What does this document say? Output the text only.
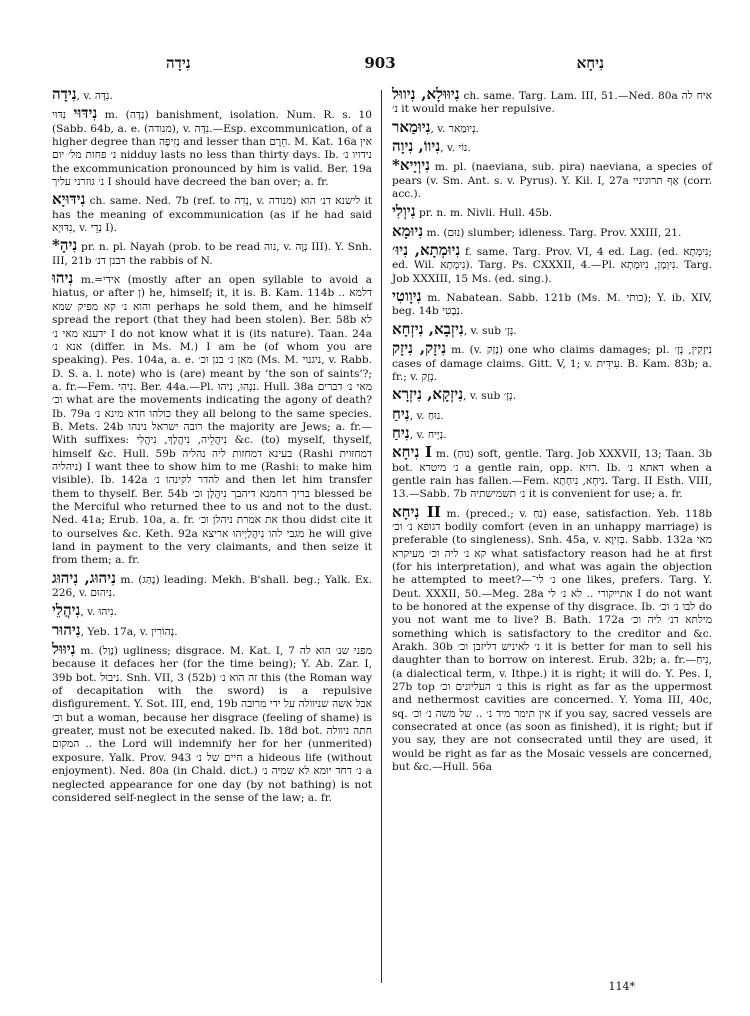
נִידָה	903	נִיחָא

נִידָה, v. נִדָּה.

נִידּוּי נִדּוּי m. (נָדָה) banishment, isolation. Num. R. s. 10 (Sabb. 64b, a. e. (מנודה), v. נִדָּה.—Esp. excommunication, of a higher degree than נְזִיפָה and lesser than חֵרֶם. M. Kat. 16a אין נ׳ פחות מל׳ יום nidduy lasts no less than thirty days. Ib. נידויו נ׳ the excommunication pronounced by him is valid. Ber. 19a נ׳ גוזרני עליך I should have decreed the ban over; a. fr.

נִידּוּיָא ch. same. Ned. 7b (ref. to נְדִה, v. מנודה) לישנא דנ׳ הוא it has the meaning of excommunication (as if he had said נִדּוּיָא, v. נְדֵי I).

*נִיהָ pr. n. pl. Nayah (prob. to be read נוה, v. נְוֶה III). Y. Snh. III, 21b רבנן דנ׳ the rabbis of N.

נִיהוּ m.=אידי (mostly after an open syllable to avoid a hiatus, or after ן) he, himself; it, it is. B. Kam. 114b דלמא .. והוא נ׳ קא מפיק שמא perhaps he sold them, and he himself spread the report (that they had been stolen). Ber. 58b לא ידענא מאי נ׳ I do not know what it is (its nature). Taan. 24a אנא נ׳ (differ. in Ms. M.) I am he (of whom you are speaking). Pes. 104a, a. e. מאן נ׳ בנן וכ׳ (Ms. M. ניגנוי, v. Rabb. D. S. a. l. note) who is (are) meant by ‘the son of saints’?; a. fr.—Fem. נִיהִי. Ber. 44a.—Pl. נִנְהוּ, נִיהוּ. Hull. 38a מאי נ׳ דברים וכ׳ what are the movements indicating the agony of death? Ib. 79a כולהו חדא מינא נ׳ they all belong to the same species. B. Mets. 24b רובה ישראל נינהו the majority are Jews; a. fr.—With suffixes: נִיהֲלֵיה, נִיהֲלָךְ, נִיהֲלִי &c. (to) myself, thyself, himself &c. Hull. 59b בעינא דמחזות ליה נהליה (Rashi דמחזוית ניהליה) I want thee to show him to me (Rashi: to make him visible). Ib. 142a להדר לקינהו נ׳ and then let him transfer them to thyself. Ber. 54b בריך רחמנא דיהבך נִיהֲלָן וכ׳ blessed be the Merciful who returned thee to us and not to the dust. Ned. 41a; Erub. 10a, a. fr. את אמרת ניהלן וכ׳ thou didst cite it to ourselves &c. Keth. 92a מגבי להו נִיהֲלַיְיהוּ אריצא he will give land in payment to the very claimants, and then seize it from them; a. fr.

נִיהוּג, נִיהוּג m. (נָהַג) leading. Mekh. B'shall. beg.; Yalk. Ex. 226, v. נִיהוּם.

נִיהֲלֵי, v. נִיהוּ.

נִיהוּר, Yeb. 17a, v. נְהוֹרִין.

נִיוּוּל m. (נְוַל) ugliness; disgrace. M. Kat. I, 7 מפני שנ׳ הוא לה because it defaces her (for the time being); Y. Ab. Zar. I, 39b bot. ניבוּל. Snh. VII, 3 (52b) זה הוא נ׳ this (the Roman way of decapitation with the sword) is a repulsive disfigurement. Y. Sot. III, end, 19b אבל אשה שניוולה על ידי מרובה וכ׳ but a woman, because her disgrace (feeling of shame) is greater, must not be executed naked. Ib. 18d bot. חתה ניוולה .. המקום the Lord will indemnify her for her (unmerited) exposure. Yalk. Prov. 943 חיים של נ׳ a hideous life (without enjoyment). Ned. 80a (in Chald. dict.) נ׳ דחד יומא לא שמיה נ׳ a neglected appearance for one day (by not bathing) is not considered self-neglect in the sense of the law; a. fr.

נִיוּוּלָא, נִיווּל ch. same. Targ. Lam. III, 51.—Ned. 80a איח לה נ׳ it would make her repulsive.

נִיוּמַאר, v. נְיוּמַאר.

נִיווֹ, נִיוָה, v. נוֹי.

*נִיוְיָיא m. pl. (naeviana, sub. pira) naeviana, a species of pears (v. Sm. Ant. s. v. Pyrus). Y. Kil. I, 27a אַף תרוגיניי (corr. acc.).

נִיוְלִי pr. n. m. Nivli. Hull. 45b.

נִיוּמָא m. (נוּם) slumber; idleness. Targ. Prov. XXIII, 21.

נִיוּמְתָא, נִיוּ׳ f. same. Targ. Prov. VI, 4 ed. Lag. (ed. נִימְתָא; ed. Wil. נִימָתָא). Targ. Ps. CXXXII, 4.—Pl. נִיוְמָן, נִיוּמְתָא. Targ. Job XXXIII, 15 Ms. (ed. sing.).

נִיוָוטִי m. Nabatean. Sabb. 121b (Ms. M. כותי); Y. ib. XIV, beg. 14b נְבָטִי.

נִיזְבָא, נִיזְחָא, v. sub נְזָ׳.

נִיזָק, נִיזָק m. (v. נְזַק) one who claims damages; pl. נִיזָקִין, נְזָ׳ cases of damage claims. Gitt. V, 1; v. עִידִּית. B. Kam. 83b; a. fr.; v. נְזָק.

נִיזְקָא, נִיזְרָא, v. sub נְזָ׳.

נִיחַ, v. נוּחַ.

נִיחַ, v. נְיָיח.

נִיחָא I m. (נוּחַ) soft, gentle. Targ. Job XXXVII, 13; Taan. 3b bot. נ׳ מיטרא a gentle rain, opp. רזיא. Ib. דאתא נ׳ when a gentle rain has fallen.—Fem. נִיחָא, נִיחָתָא. Targ. II Esth. VIII, 13.—Sabb. 7b נ׳ תשמישתיה it is convenient for use; a. fr.

נִיחָא II m. (preced.; v. נֹחַ) ease, satisfaction. Yeb. 118b דגופא נ׳ וכ׳ bodily comfort (even in an unhappy marriage) is preferable (to singleness). Snh. 45a, v. בְּזִיוָא. Sabb. 132a מאי קא נ׳ ליה וכ׳ מעיקרא what satisfactory reason had he at first (for his interpretation), and what was again the objection he attempted to meet?—נ׳ לי־ one likes, prefers. Targ. Y. Deut. XXXII, 50.—Meg. 28a אתייקורי .. לא נ׳ לי I do not want to be honored at the expense of thy disgrace. Ib. לבו נ׳ וכ׳ do you not want me to live? B. Bath. 172a מילתא דנ׳ ליה וכ׳ something which is satisfactory to the creditor and &c. Arakh. 30b נ׳ לאיניש דליזבן וכ׳ it is better for man to sell his daughter than to borrow on interest. Erub. 32b; a. fr.—נִיחַ, (a dialectical term, v. Ithpe.) it is right; it will do. Y. Pes. I, 27b top נ׳ העליונים וכ׳ this is right as far as the uppermost and nethermost cavities are concerned. Y. Yoma III, 40c, sq. אין תימר מיד נ׳ .. של משה נ׳ וכ׳ if you say, sacred vessels are consecrated at once (as soon as finished), it is right; but if you say, they are not consecrated until they are used, it would be right as far as the Mosaic vessels are concerned, but &c.—Hull. 56a

114*
